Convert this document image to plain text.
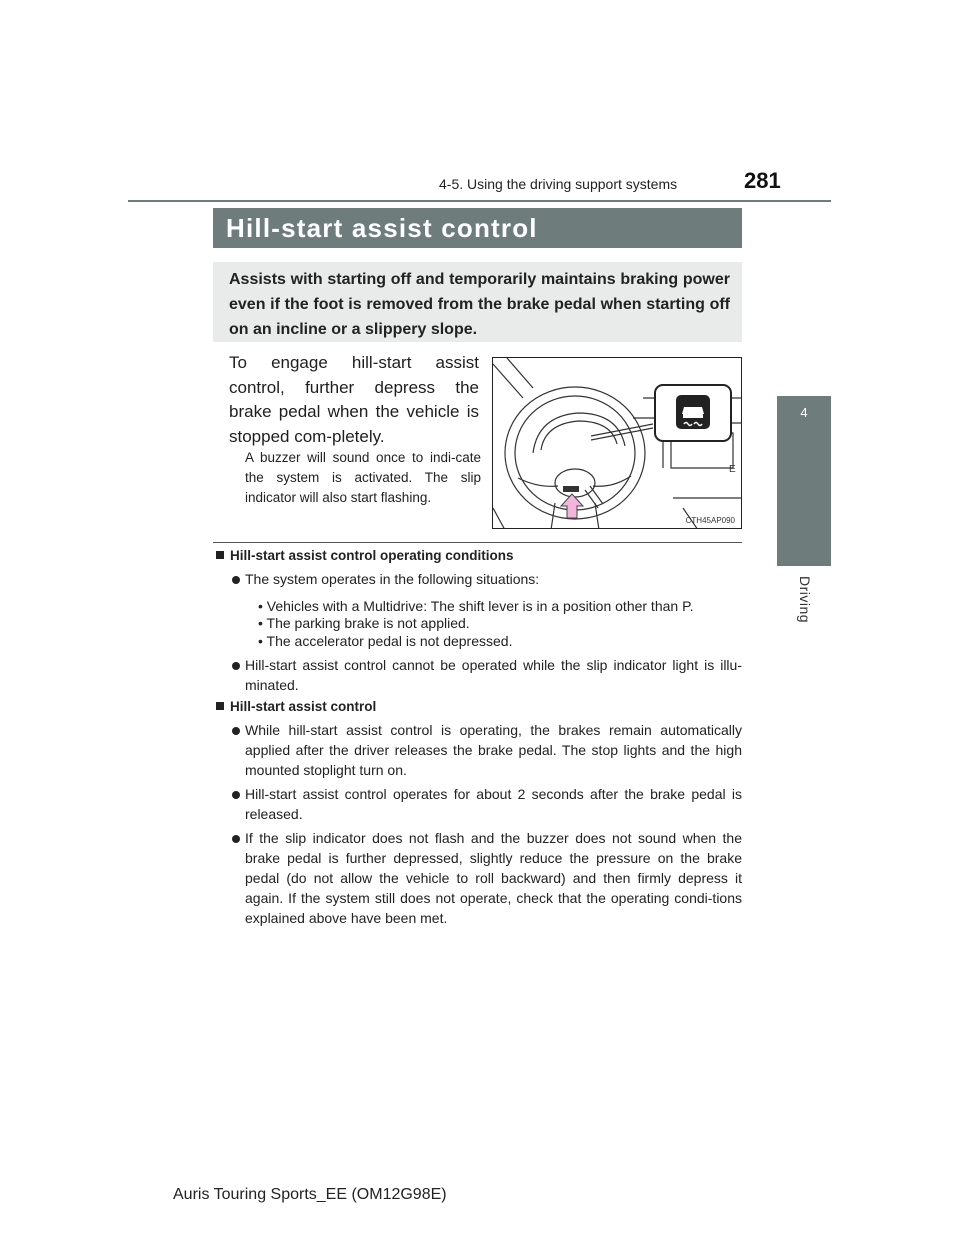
4-5. Using the driving support systems	281
4
Driving
Hill-start assist control
Assists with starting off and temporarily maintains braking power even if the foot is removed from the brake pedal when starting off on an incline or a slippery slope.
To engage hill-start assist control, further depress the brake pedal when the vehicle is stopped com-pletely.
A buzzer will sound once to indi-cate the system is activated. The slip indicator will also start flashing.
E
CTH45AP090
Hill-start assist control operating conditions
The system operates in the following situations:
• Vehicles with a Multidrive: The shift lever is in a position other than P.
• The parking brake is not applied.
• The accelerator pedal is not depressed.
Hill-start assist control cannot be operated while the slip indicator light is illu-minated.
Hill-start assist control
While hill-start assist control is operating, the brakes remain automatically applied after the driver releases the brake pedal. The stop lights and the high mounted stoplight turn on.
Hill-start assist control operates for about 2 seconds after the brake pedal is released.
If the slip indicator does not flash and the buzzer does not sound when the brake pedal is further depressed, slightly reduce the pressure on the brake pedal (do not allow the vehicle to roll backward) and then firmly depress it again. If the system still does not operate, check that the operating condi-tions explained above have been met.
Auris Touring Sports_EE (OM12G98E)
